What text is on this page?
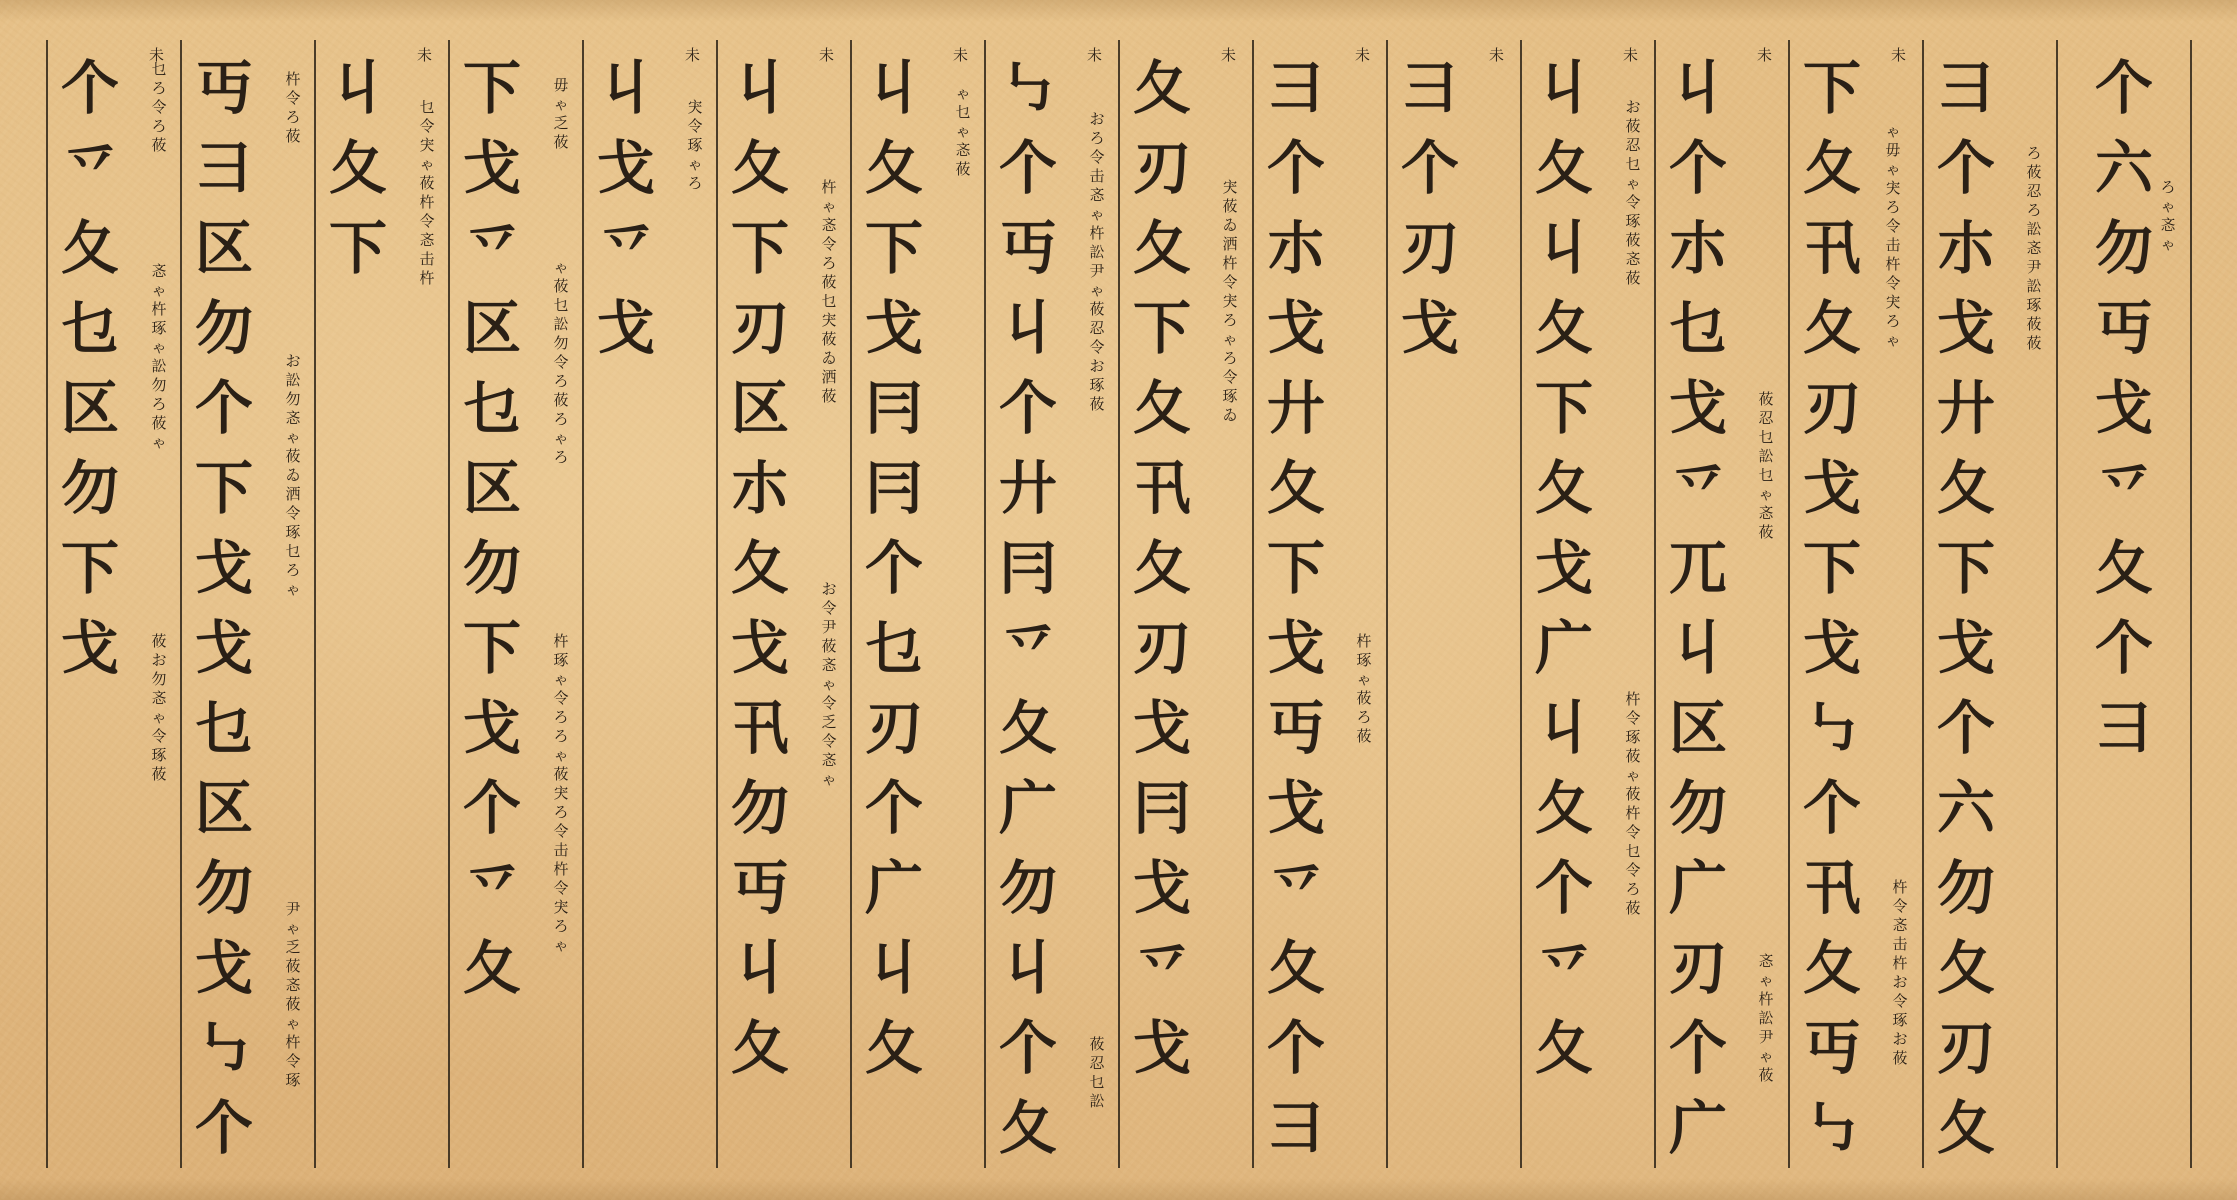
个
六
勿
丏
戈
乊
夂
个
彐
彐
个
朩
戈
廾
夂
下
戈
个
六
勿
夂
刃
夂
下
夂
卂
夂
刃
戈
下
戈
㇉
个
卂
夂
丏
㇉
丩
个
朩
乜
戈
乊
兀
丩
区
勿
广
刃
个
广
丩
夂
丩
夂
下
夂
戈
广
丩
夂
个
乊
夂
彐
个
刃
戈
彐
个
朩
戈
廾
夂
下
戈
丏
戈
乊
夂
个
彐
夂
刃
夂
下
夂
卂
夂
刃
戈
冃
戈
乊
戈
㇉
个
丏
丩
个
廾
冃
乊
夂
广
勿
丩
个
夂
丩
夂
下
戈
冃
冃
个
乜
刃
个
广
丩
夂
丩
夂
下
刃
区
朩
夂
戈
卂
勿
丏
丩
夂
丩
戈
乊
戈
下
戈
乊
区
乜
区
勿
下
戈
个
乊
夂
丩
夂
下
丏
彐
区
勿
个
下
戈
戈
乜
区
勿
戈
㇉
个
个
乊
夂
乜
区
勿
下
戈
未
未
未
未
未
未
未
未
未
未
未	未
ろ
ゃ
忞
ゃ
ろ
莜
忍
ろ
訟
忞
尹
訟
琢
莜
莜
ゃ
毋
ゃ
宊
ろ
令
击
杵
令
宊
ろ
ゃ
杵
令
忞
击
杵
お
令
琢
お
莜
莜
忍
乜
訟
乜
ゃ
忞
莜
忞
ゃ
杵
訟
尹
ゃ
莜
お
莜
忍
乜
ゃ
令
琢
莜
忞
莜
杵
令
琢
莜
ゃ
莜
杵
令
乜
令
ろ
莜
杵
琢
ゃ
莜
ろ
莜
宊
莜
ゐ
洒
杵
令
宊
ろ
ゃ
ろ
令
琢
ゐ
お
ろ
令
击
忞
ゃ
杵
訟
尹
ゃ
莜
忍
令
お
琢
莜
莜
忍
乜
訟
ゃ
乜
ゃ
忞
莜
杵
ゃ
忞
令
ろ
莜
乜
宊
莜
ゐ
洒
莜
お
令
尹
莜
忞
ゃ
令
乏
令
忞
ゃ
宊
令
琢
ゃ
ろ
毋
ゃ
乏
莜
ゃ
莜
乜
訟
勿
令
ろ
莜
ろ
ゃ
ろ
杵
琢
ゃ
令
ろ
ろ
ゃ
莜
宊
ろ
令
击
杵
令
宊
ろ
ゃ
乜
令
宊
ゃ
莜
杵
令
忞
击
杵
杵
令
ろ
莜
お
訟
勿
忞
ゃ
莜
ゐ
洒
令
琢
乜
ろ
ゃ
尹
ゃ
乏
莜
忞
莜
ゃ
杵
令
琢
乜
ろ
令
ろ
莜
忞
ゃ
杵
琢
ゃ
訟
勿
ろ
莜
ゃ
莜
お
勿
忞
ゃ
令
琢
莜
